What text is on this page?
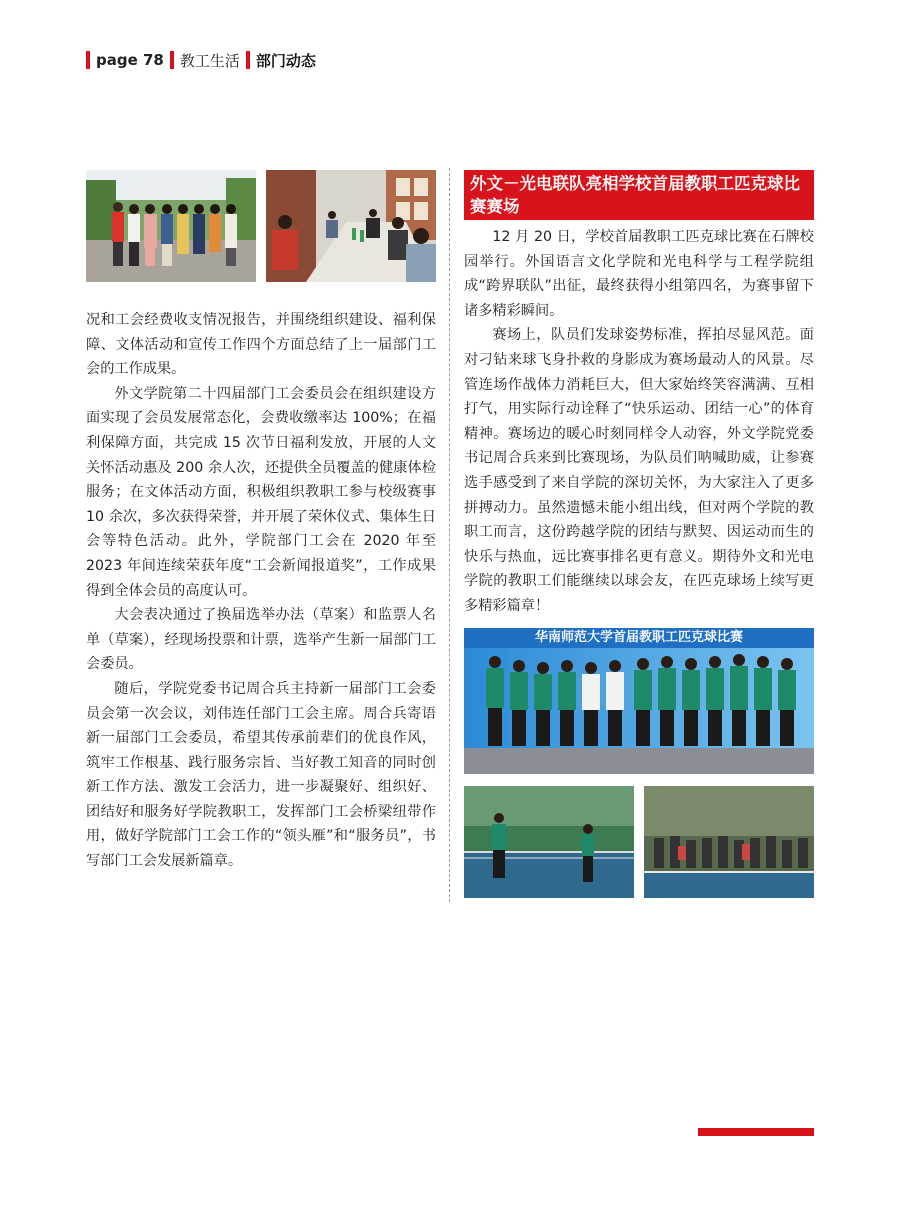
page 78 教工生活 部门动态

况和工会经费收支情况报告，并围绕组织建设、福利保障、文体活动和宣传工作四个方面总结了上一届部门工会的工作成果。

外文学院第二十四届部门工会委员会在组织建设方面实现了会员发展常态化，会费收缴率达 100%；在福利保障方面，共完成 15 次节日福利发放，开展的人文关怀活动惠及 200 余人次，还提供全员覆盖的健康体检服务；在文体活动方面，积极组织教职工参与校级赛事 10 余次，多次获得荣誉，并开展了荣休仪式、集体生日会等特色活动。此外，学院部门工会在 2020 年至 2023 年间连续荣获年度“工会新闻报道奖”，工作成果得到全体会员的高度认可。

大会表决通过了换届选举办法（草案）和监票人名单（草案），经现场投票和计票，选举产生新一届部门工会委员。

随后，学院党委书记周合兵主持新一届部门工会委员会第一次会议，刘伟连任部门工会主席。周合兵寄语新一届部门工会委员，希望其传承前辈们的优良作风，筑牢工作根基、践行服务宗旨、当好教工知音的同时创新工作方法、激发工会活力，进一步凝聚好、组织好、团结好和服务好学院教职工，发挥部门工会桥梁纽带作用，做好学院部门工会工作的“领头雁”和“服务员”，书写部门工会发展新篇章。

外文－光电联队亮相学校首届教职工匹克球比赛赛场

12 月 20 日，学校首届教职工匹克球比赛在石牌校园举行。外国语言文化学院和光电科学与工程学院组成“跨界联队”出征，最终获得小组第四名，为赛事留下诸多精彩瞬间。

赛场上，队员们发球姿势标准，挥拍尽显风范。面对刁钻来球飞身扑救的身影成为赛场最动人的风景。尽管连场作战体力消耗巨大，但大家始终笑容满满、互相打气，用实际行动诠释了“快乐运动、团结一心”的体育精神。赛场边的暖心时刻同样令人动容，外文学院党委书记周合兵来到比赛现场，为队员们呐喊助威，让参赛选手感受到了来自学院的深切关怀，为大家注入了更多拼搏动力。虽然遗憾未能小组出线，但对两个学院的教职工而言，这份跨越学院的团结与默契、因运动而生的快乐与热血，远比赛事排名更有意义。期待外文和光电学院的教职工们能继续以球会友，在匹克球场上续写更多精彩篇章！

华南师范大学首届教职工匹克球比赛
